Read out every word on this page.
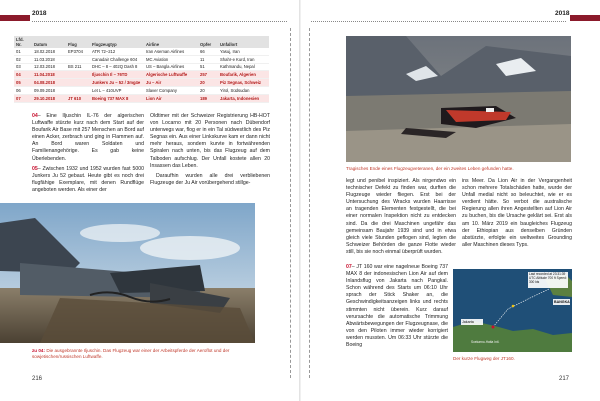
2018
Lfd. Nr.	Datum	Flug	Flugzeugtyp	Airline	Opfer	Unfallort
01	18.02.2018	EP3704	ATR 72–212	Iran Aseman Airlines	66	Yasuj, Iran
02	11.03.2018		Canadair Challenge 604	MC Aviation	11	Shahr-e Kurd, Iran
03	12.03.2018	BS 211	DHC – 8 – 402Q Dash 8	US – Bangla Airlines	51	Kathmandu, Nepal
04	11.04.2018		Iljuschin Il – 76TD	Algerische Luftwaffe	257	Boufarik, Algerien
05	04.08.2018		Junkers Ju – 52 / 3mg4e	Ju – Air	20	Piz Segnas, Schweiz
06	09.09.2018		Let L – 410UVP	Slaver Company	20	Yirol, Südsudan
07	29.10.2018	JT 610	Boeing 737 MAX 8	Lion Air	189	Jakarta, Indonesien

04– Eine Iljuschin IL-76 der algerischen Luftwaffe stürzte kurz nach dem Start auf der Boufarik Air Base mit 257 Menschen an Bord auf einen Acker, zerbrach und ging in Flammen auf. An Bord waren Soldaten und Familienangehörige. Es gab keine Überlebenden.

05– Zwischen 1932 und 1952 wurden fast 5000 Junkers Ju 52 gebaut. Heute gibt es noch drei flugfähige Exemplare, mit denen Rundflüge angeboten werden. Als einer der

Oldtimer mit der Schweizer Registrierung HB-HOT von Locarno mit 20 Personen nach Dübendorf unterwegs war, flog er in ein Tal südwestlich des Piz Segnas ein. Aus einer Linkskurve kam er dann nicht mehr heraus, sondern kurvte in fortwährenden Spiralen nach unten, bis das Flugzeug auf dem Talboden aufschlug. Der Unfall kostete allen 20 Insassen das Leben.

Daraufhin wurden alle drei verbliebenen Flugzeuge der Ju Air vorübergehend stillge-

zu 04: Die ausgebrannte Iljuschin. Das Flugzeug war einer der Arbeitspferde der Aeroflot und der sowjetischen/russischen Luftwaffe.
216
2018
Tragisches Ende eines Flugzeugveteranen, der ein zweites Leben gefunden hatte.

legt und penibel inspiziert. Als nirgendwo ein technischer Defekt zu finden war, durften die Flugzeuge wieder fliegen. Erst bei der Untersuchung des Wracks wurden Haarrisse an tragenden Elementen festgestellt, die bei einer normalen Inspektion nicht zu entdecken sind. Da die drei Maschinen ungefähr das gemeinsam Baujahr 1939 sind und in etwa gleich viele Stunden geflogen sind, legten die Schweizer Behörden die ganze Flotte wieder still, bis sie noch einmal überprüft wurden.

ins Meer. Da Lion Air in der Vergangenheit schon mehrere Totalschäden hatte, wurde der Unfall medial nicht so beleuchtet, wie er es verdient hätte. So verbot die australische Regierung allen ihren Angestellten auf Lion Air zu buchen, bis die Ursache geklärt sei. Erst als am 10. März 2019 ein baugleiches Flugzeug der Ethiopian aus denselben Gründen abstürzte, erfolgte ein weltweites Grounding aller Maschinen dieses Typs.

07– JT 160 war eine nagelneue Boeing 737 MAX 8 der indonesischen Lion Air auf dem Inlandsflug von Jakarta nach Pangkal. Schon während des Starts um 06:10 Uhr sprach der Stick Shaker an, die Geschwindigkeitsanzeigen links und rechts stimmten nicht überein. Kurz darauf verursachte die automatische Trimmung Abwärtsbewegungen der Flugzeugnase, die von den Piloten immer wieder korrigiert werden mussten. Um 06:33 Uhr stürzte die Boeing

Last recorded at 23:31:39 UTC Altitude 700 ft Speed: 300 kts
BANGKA
Jakarta
Soekarno-Hatta Intl.
Der kurze Flugweg der JT160.
217
